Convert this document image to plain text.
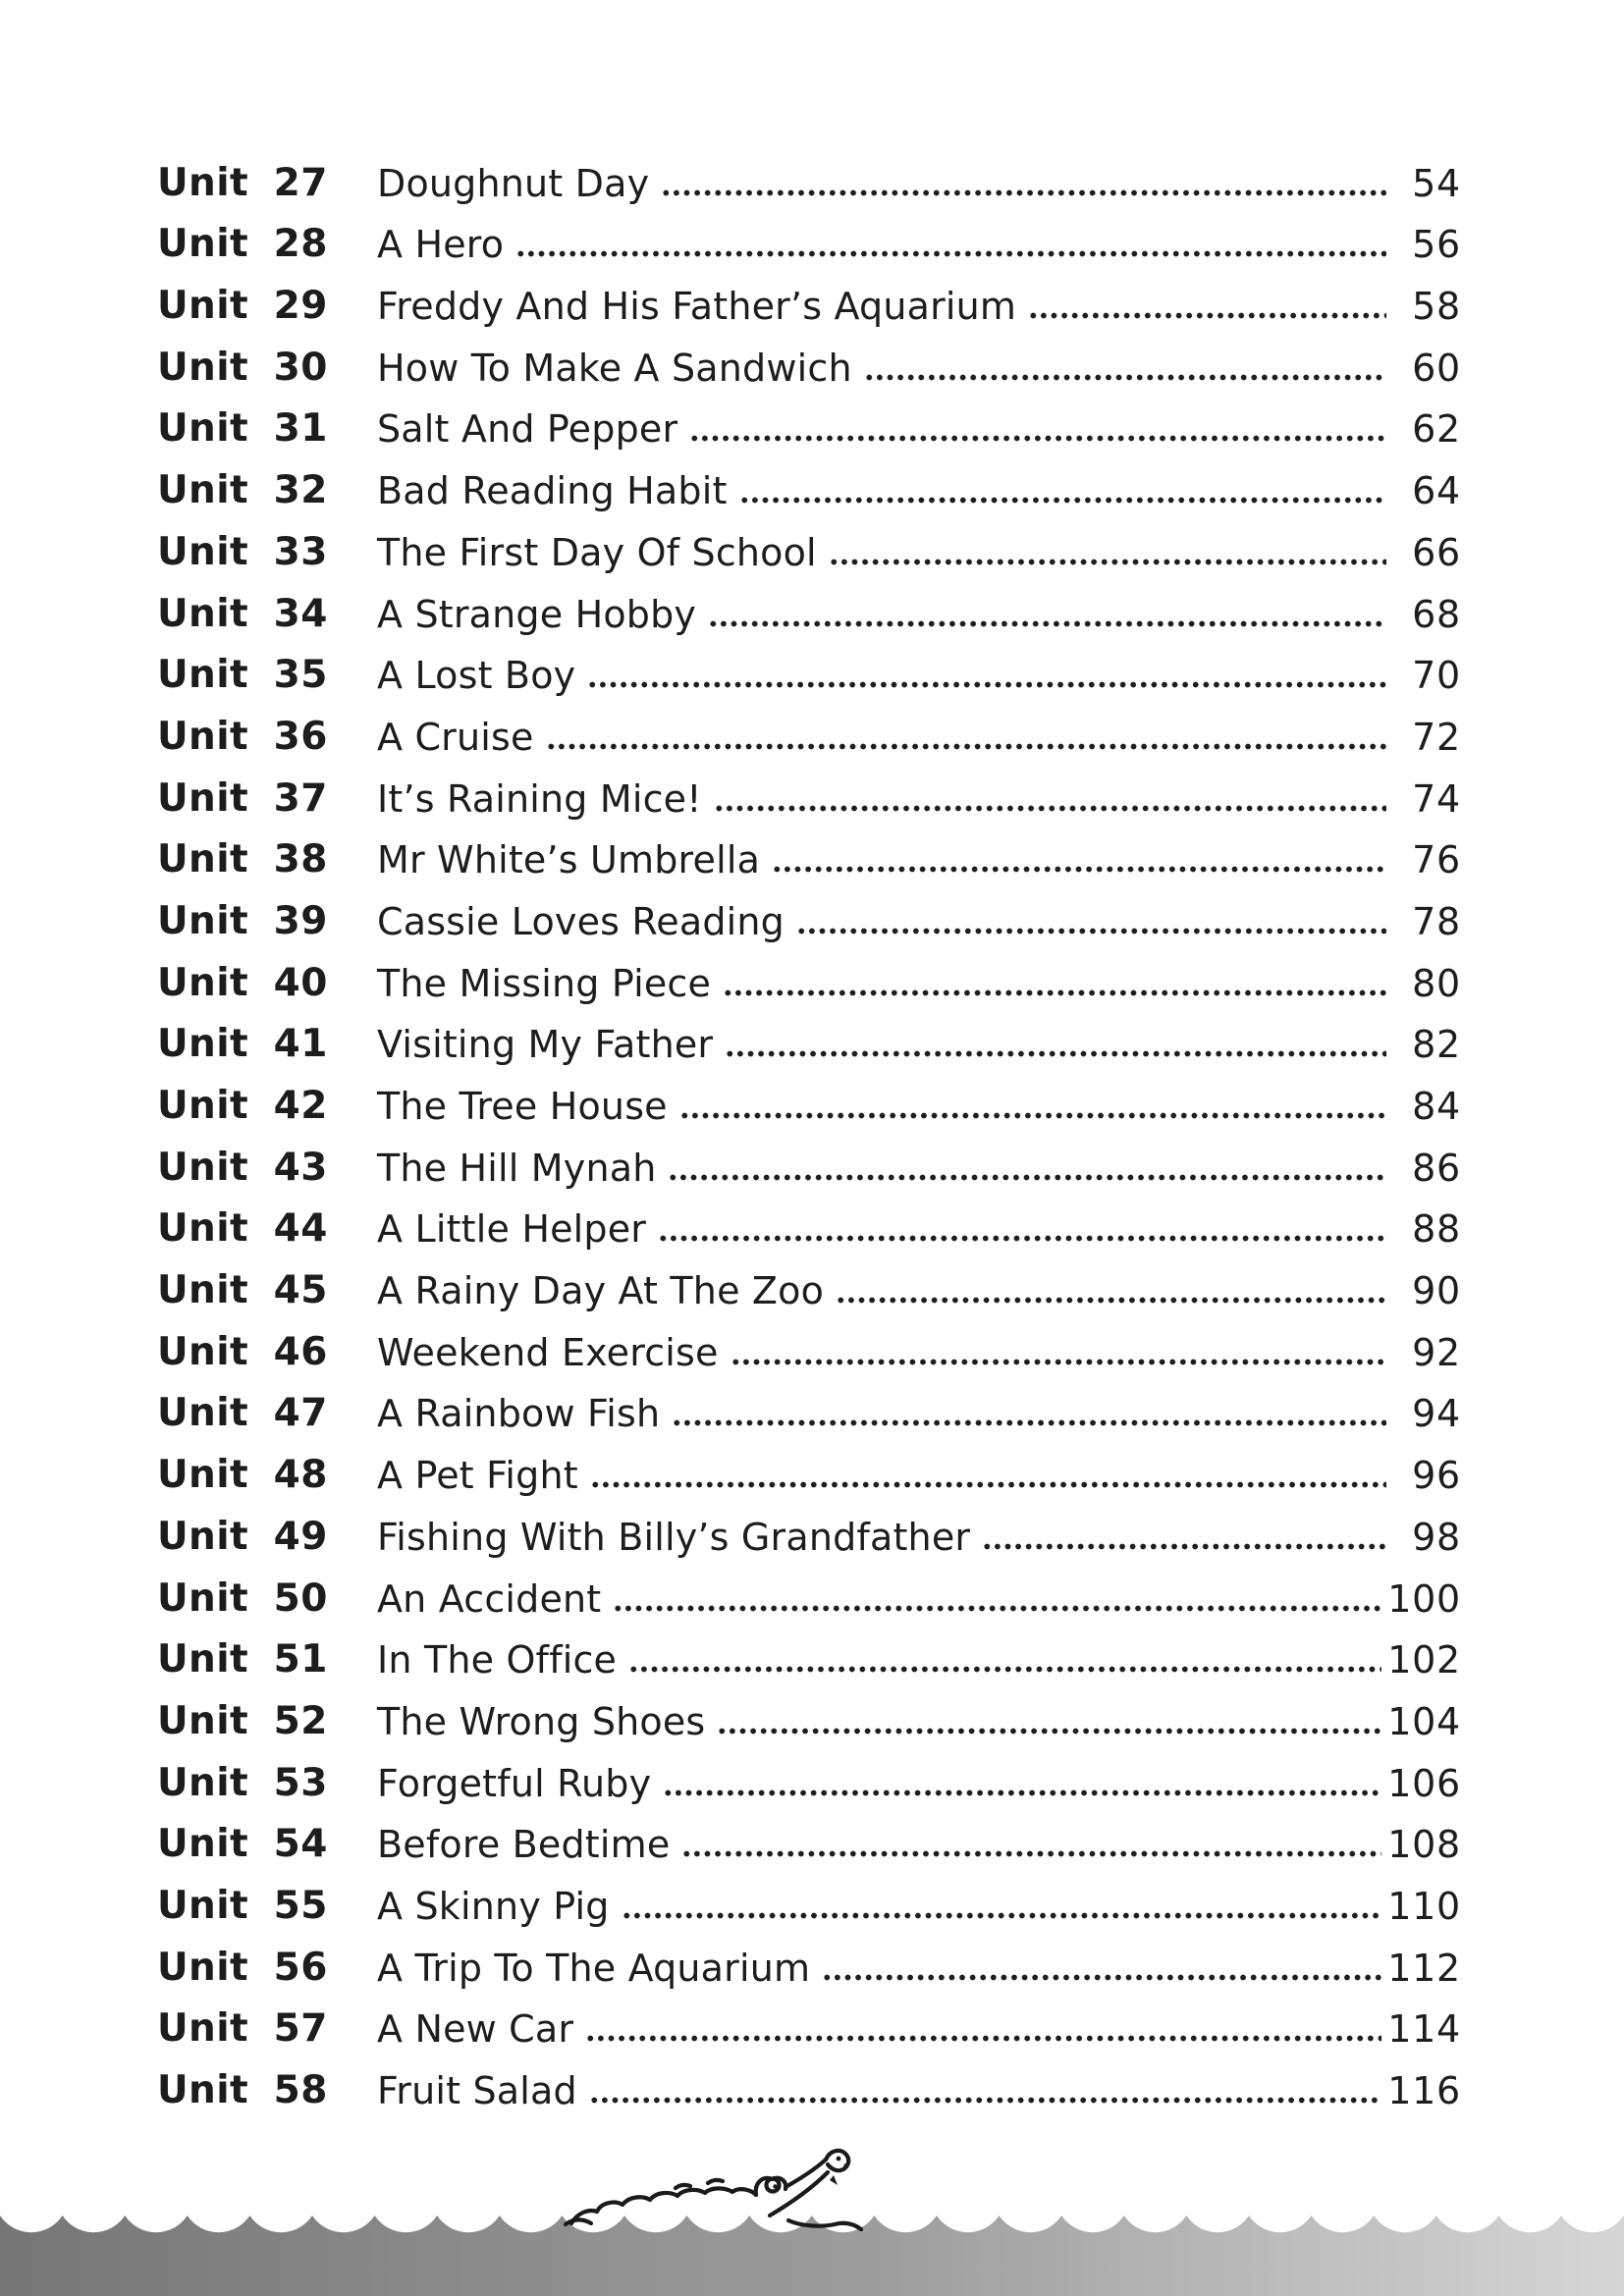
Unit 27	Doughnut Day	54
Unit 28	A Hero	56
Unit 29	Freddy And His Father’s Aquarium	58
Unit 30	How To Make A Sandwich	60
Unit 31	Salt And Pepper	62
Unit 32	Bad Reading Habit	64
Unit 33	The First Day Of School	66
Unit 34	A Strange Hobby	68
Unit 35	A Lost Boy	70
Unit 36	A Cruise	72
Unit 37	It’s Raining Mice!	74
Unit 38	Mr White’s Umbrella	76
Unit 39	Cassie Loves Reading	78
Unit 40	The Missing Piece	80
Unit 41	Visiting My Father	82
Unit 42	The Tree House	84
Unit 43	The Hill Mynah	86
Unit 44	A Little Helper	88
Unit 45	A Rainy Day At The Zoo	90
Unit 46	Weekend Exercise	92
Unit 47	A Rainbow Fish	94
Unit 48	A Pet Fight	96
Unit 49	Fishing With Billy’s Grandfather	98
Unit 50	An Accident	100
Unit 51	In The Office	102
Unit 52	The Wrong Shoes	104
Unit 53	Forgetful Ruby	106
Unit 54	Before Bedtime	108
Unit 55	A Skinny Pig	110
Unit 56	A Trip To The Aquarium	112
Unit 57	A New Car	114
Unit 58	Fruit Salad	116
